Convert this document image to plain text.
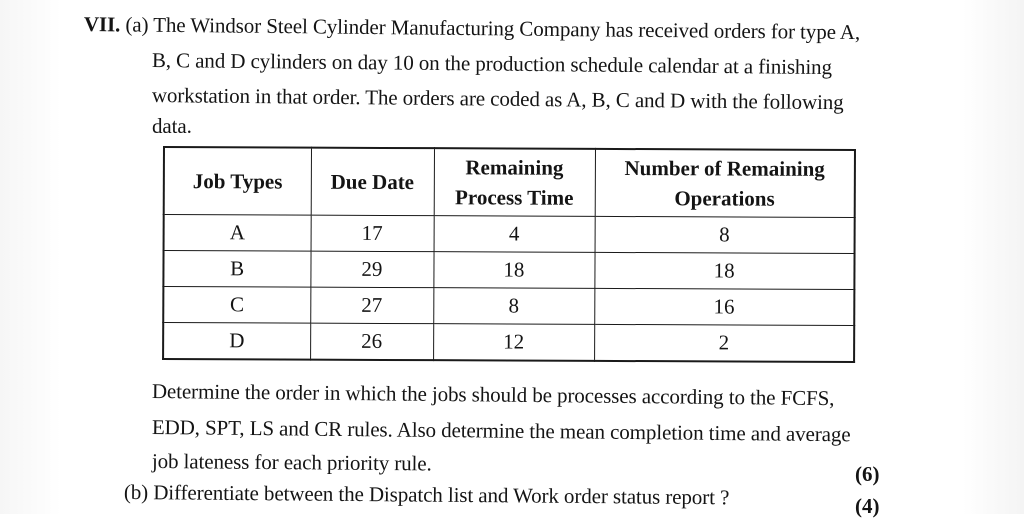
VII. (a) The Windsor Steel Cylinder Manufacturing Company has received orders for type A,
B, C and D cylinders on day 10 on the production schedule calendar at a finishing
workstation in that order. The orders are coded as A, B, C and D with the following
data.
Job Types	Due Date	Remaining Process Time	Number of Remaining Operations
A	17	4	8
B	29	18	18
C	27	8	16
D	26	12	2
Determine the order in which the jobs should be processes according to the FCFS,
EDD, SPT, LS and CR rules. Also determine the mean completion time and average
job lateness for each priority rule.	(6)
(b) Differentiate between the Dispatch list and Work order status report ?	(4)
